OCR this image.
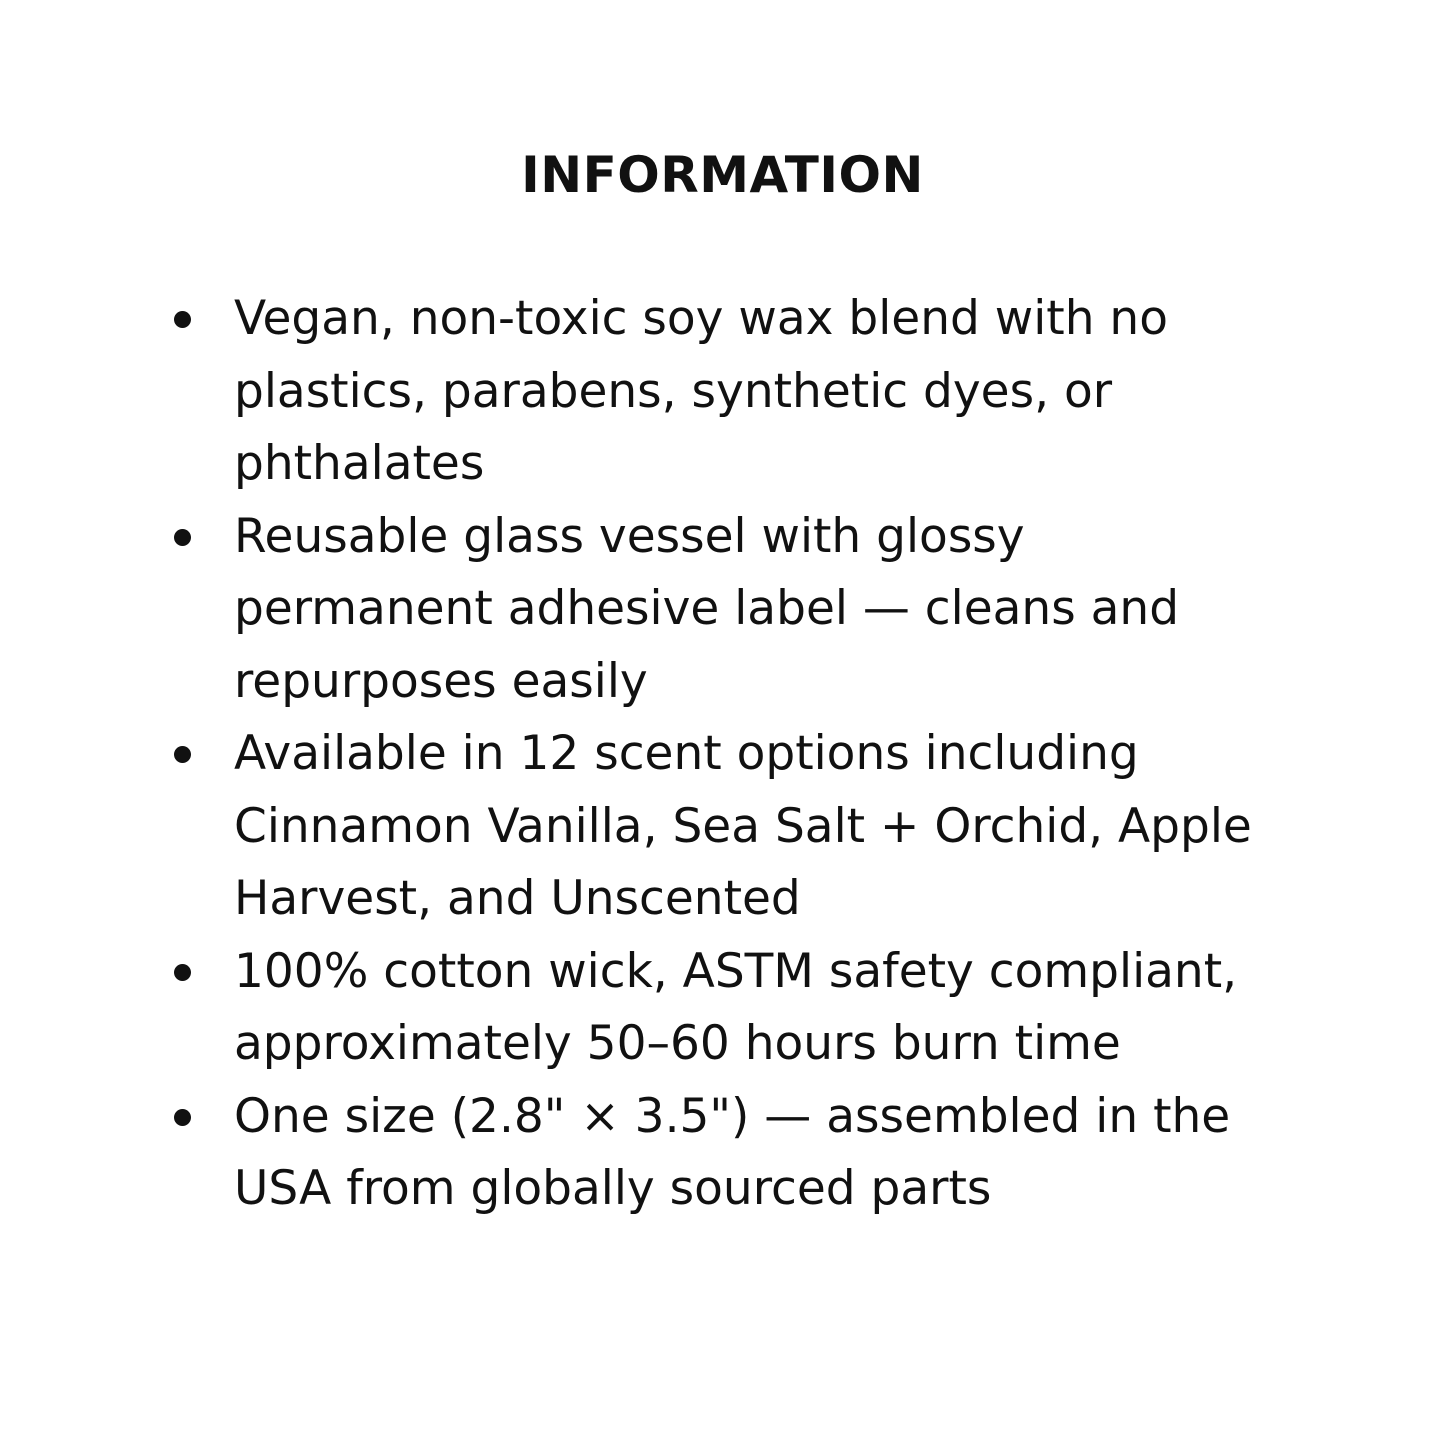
INFORMATION
Vegan, non-toxic soy wax blend with no plastics, parabens, synthetic dyes, or phthalates
Reusable glass vessel with glossy permanent adhesive label — cleans and repurposes easily
Available in 12 scent options including Cinnamon Vanilla, Sea Salt + Orchid, Apple Harvest, and Unscented
100% cotton wick, ASTM safety compliant, approximately 50–60 hours burn time
One size (2.8" × 3.5") — assembled in the USA from globally sourced parts
